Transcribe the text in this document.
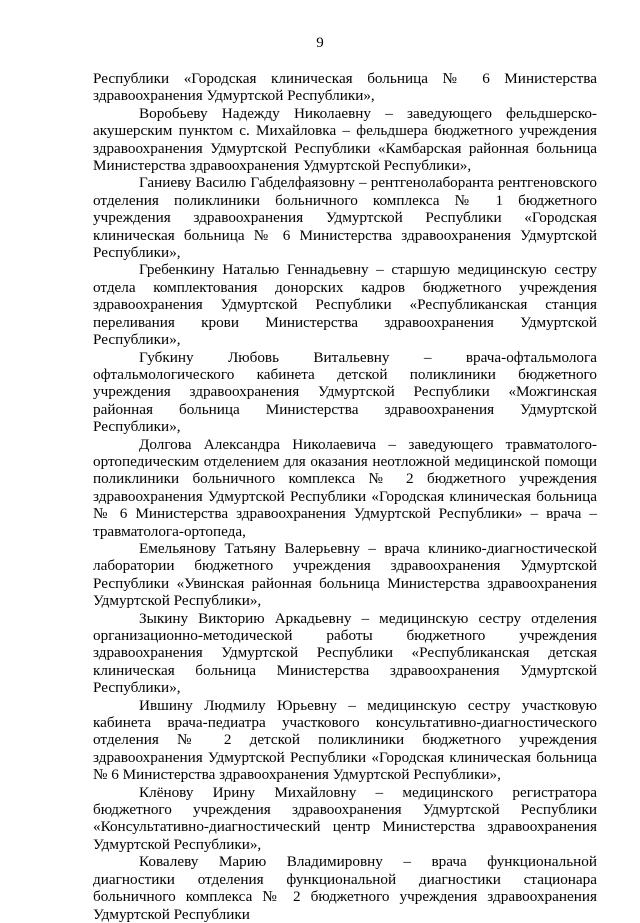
9

Республики «Городская клиническая больница № 6 Министерства здравоохранения Удмуртской Республики»,

Воробьеву Надежду Николаевну – заведующего фельдшерско-акушерским пунктом с. Михайловка – фельдшера бюджетного учреждения здравоохранения Удмуртской Республики «Камбарская районная больница Министерства здравоохранения Удмуртской Республики»,

Ганиеву Василю Габделфаязовну – рентгенолаборанта рентгеновского отделения поликлиники больничного комплекса № 1 бюджетного учреждения здравоохранения Удмуртской Республики «Городская клиническая больница № 6 Министерства здравоохранения Удмуртской Республики»,

Гребенкину Наталью Геннадьевну – старшую медицинскую сестру отдела комплектования донорских кадров бюджетного учреждения здравоохранения Удмуртской Республики «Республиканская станция переливания крови Министерства здравоохранения Удмуртской Республики»,

Губкину Любовь Витальевну – врача-офтальмолога офтальмологического кабинета детской поликлиники бюджетного учреждения здравоохранения Удмуртской Республики «Можгинская районная больница Министерства здравоохранения Удмуртской Республики»,

Долгова Александра Николаевича – заведующего травматолого-ортопедическим отделением для оказания неотложной медицинской помощи поликлиники больничного комплекса № 2 бюджетного учреждения здравоохранения Удмуртской Республики «Городская клиническая больница № 6 Министерства здравоохранения Удмуртской Республики» – врача – травматолога-ортопеда,

Емельянову Татьяну Валерьевну – врача клинико-диагностической лаборатории бюджетного учреждения здравоохранения Удмуртской Республики «Увинская районная больница Министерства здравоохранения Удмуртской Республики»,

Зыкину Викторию Аркадьевну – медицинскую сестру отделения организационно-методической работы бюджетного учреждения здравоохранения Удмуртской Республики «Республиканская детская клиническая больница Министерства здравоохранения Удмуртской Республики»,

Ившину Людмилу Юрьевну – медицинскую сестру участковую кабинета врача-педиатра участкового консультативно-диагностического отделения № 2 детской поликлиники бюджетного учреждения здравоохранения Удмуртской Республики «Городская клиническая больница № 6 Министерства здравоохранения Удмуртской Республики»,

Клёнову Ирину Михайловну – медицинского регистратора бюджетного учреждения здравоохранения Удмуртской Республики «Консультативно-диагностический центр Министерства здравоохранения Удмуртской Республики»,

Ковалеву Марию Владимировну – врача функциональной диагностики отделения функциональной диагностики стационара больничного комплекса № 2 бюджетного учреждения здравоохранения Удмуртской Республики
